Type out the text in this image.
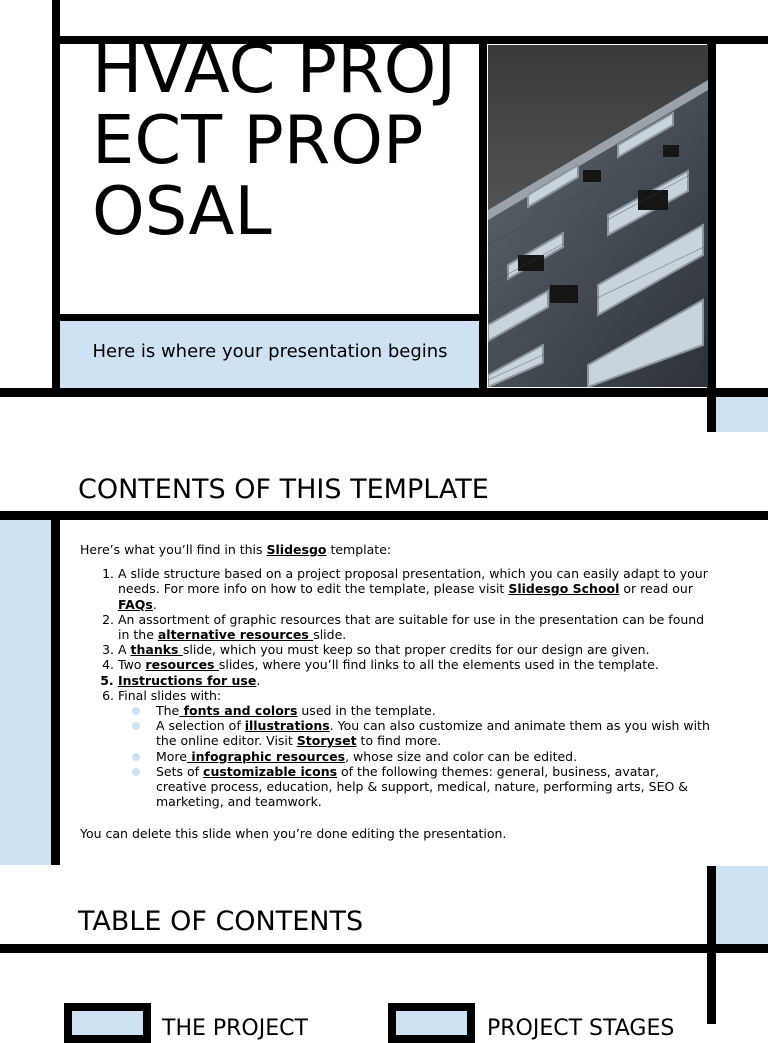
HVAC PROJECT PROPOSAL

Here is where your presentation begins

CONTENTS OF THIS TEMPLATE

Here’s what you’ll find in this Slidesgo template:

1. A slide structure based on a project proposal presentation, which you can easily adapt to your needs. For more info on how to edit the template, please visit Slidesgo School or read our FAQs.
2. An assortment of graphic resources that are suitable for use in the presentation can be found in the alternative resources slide.
3. A thanks slide, which you must keep so that proper credits for our design are given.
4. Two resources slides, where you’ll find links to all the elements used in the template.
5. Instructions for use.
6. Final slides with:
The fonts and colors used in the template.
A selection of illustrations. You can also customize and animate them as you wish with the online editor. Visit Storyset to find more.
More infographic resources, whose size and color can be edited.
Sets of customizable icons of the following themes: general, business, avatar, creative process, education, help & support, medical, nature, performing arts, SEO & marketing, and teamwork.

You can delete this slide when you’re done editing the presentation.

TABLE OF CONTENTS

THE PROJECT	PROJECT STAGES
